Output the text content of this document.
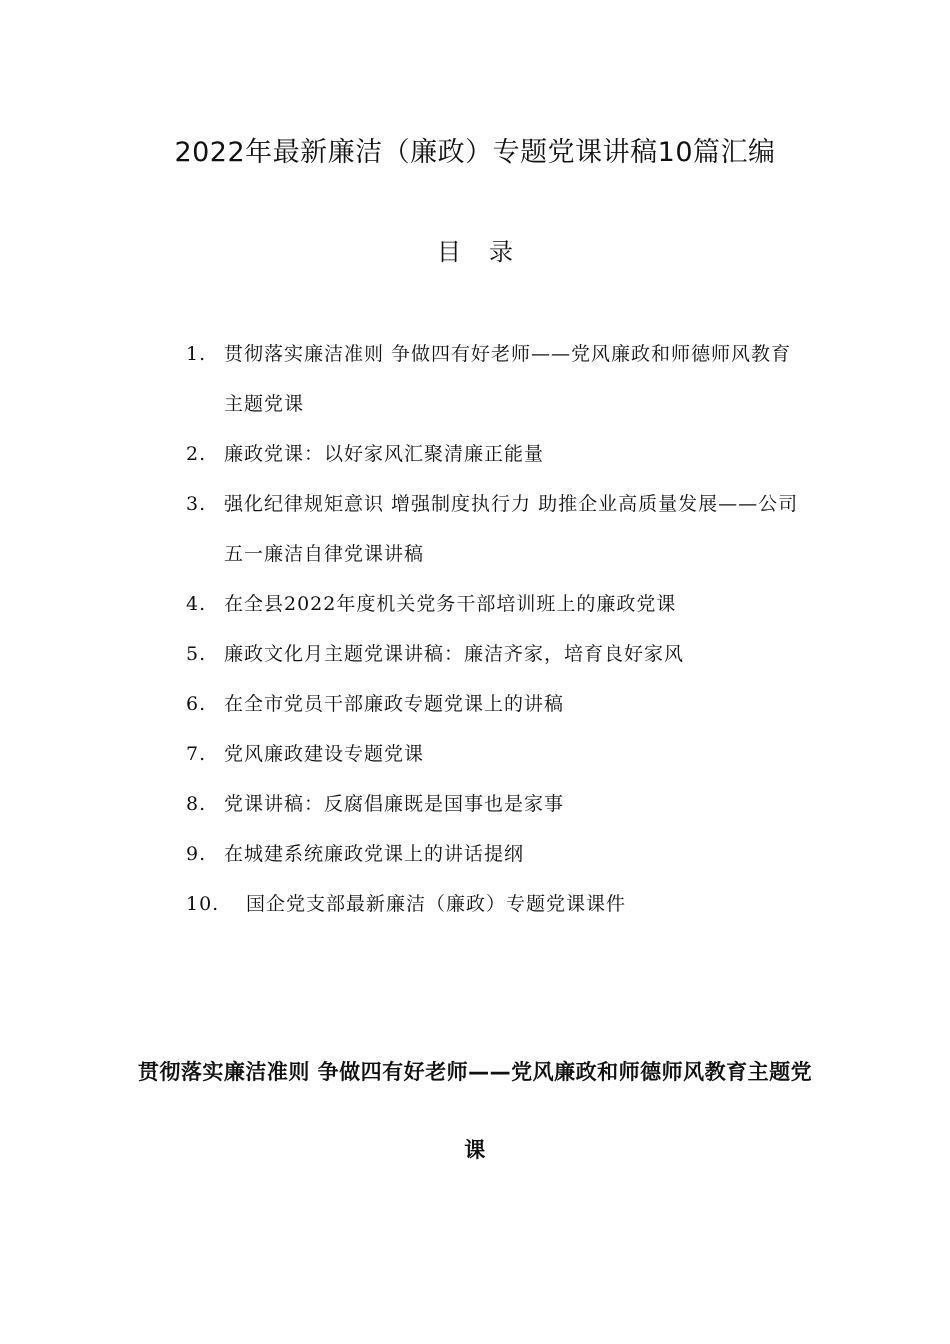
2022年最新廉洁（廉政）专题党课讲稿10篇汇编
目录
1. 贯彻落实廉洁准则 争做四有好老师——党风廉政和师德师风教育主题党课
2. 廉政党课：以好家风汇聚清廉正能量
3. 强化纪律规矩意识 增强制度执行力 助推企业高质量发展——公司五一廉洁自律党课讲稿
4. 在全县2022年度机关党务干部培训班上的廉政党课
5. 廉政文化月主题党课讲稿：廉洁齐家，培育良好家风
6. 在全市党员干部廉政专题党课上的讲稿
7. 党风廉政建设专题党课
8. 党课讲稿：反腐倡廉既是国事也是家事
9. 在城建系统廉政党课上的讲话提纲
10. 国企党支部最新廉洁（廉政）专题党课课件
贯彻落实廉洁准则 争做四有好老师——党风廉政和师德师风教育主题党课
